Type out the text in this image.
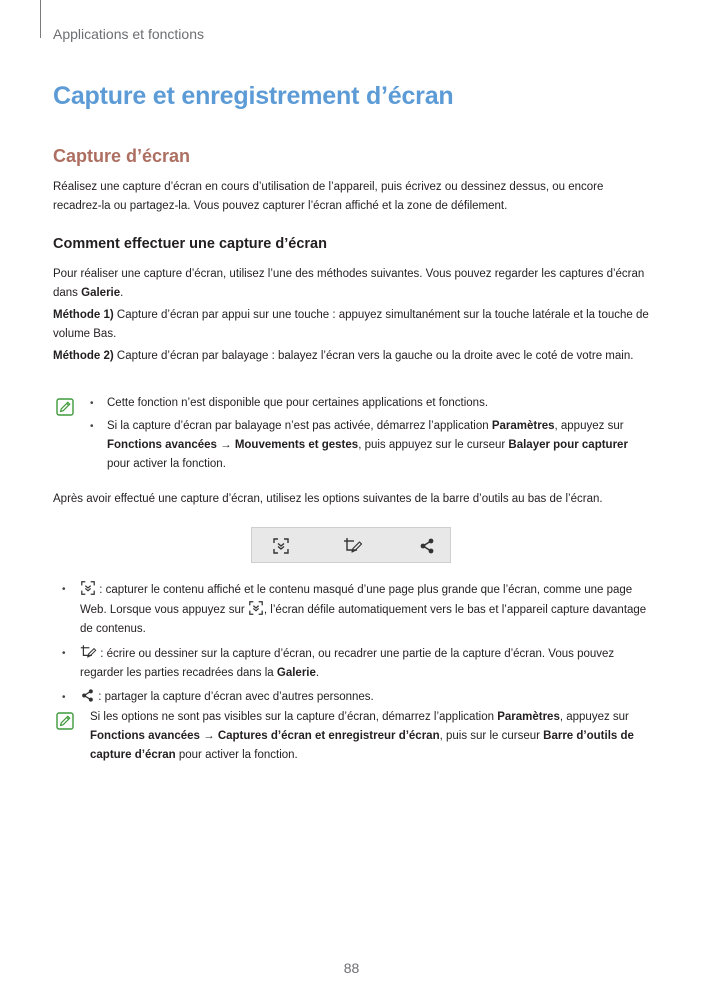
Applications et fonctions
Capture et enregistrement d’écran
Capture d’écran

Réalisez une capture d’écran en cours d’utilisation de l’appareil, puis écrivez ou dessinez dessus, ou encore recadrez-la ou partagez-la. Vous pouvez capturer l’écran affiché et la zone de défilement.

Comment effectuer une capture d’écran

Pour réaliser une capture d’écran, utilisez l’une des méthodes suivantes. Vous pouvez regarder les captures d’écran dans Galerie.

Méthode 1) Capture d’écran par appui sur une touche : appuyez simultanément sur la touche latérale et la touche de volume Bas.

Méthode 2) Capture d’écran par balayage : balayez l’écran vers la gauche ou la droite avec le coté de votre main.

• Cette fonction n’est disponible que pour certaines applications et fonctions.
• Si la capture d’écran par balayage n’est pas activée, démarrez l’application Paramètres, appuyez sur Fonctions avancées → Mouvements et gestes, puis appuyez sur le curseur Balayer pour capturer pour activer la fonction.

Après avoir effectué une capture d’écran, utilisez les options suivantes de la barre d’outils au bas de l’écran.

• : capturer le contenu affiché et le contenu masqué d’une page plus grande que l’écran, comme une page Web. Lorsque vous appuyez sur , l’écran défile automatiquement vers le bas et l’appareil capture davantage de contenus.
• : écrire ou dessiner sur la capture d’écran, ou recadrer une partie de la capture d’écran. Vous pouvez regarder les parties recadrées dans la Galerie.
• : partager la capture d’écran avec d’autres personnes.

Si les options ne sont pas visibles sur la capture d’écran, démarrez l’application Paramètres, appuyez sur Fonctions avancées → Captures d’écran et enregistreur d’écran, puis sur le curseur Barre d’outils de capture d’écran pour activer la fonction.

88
